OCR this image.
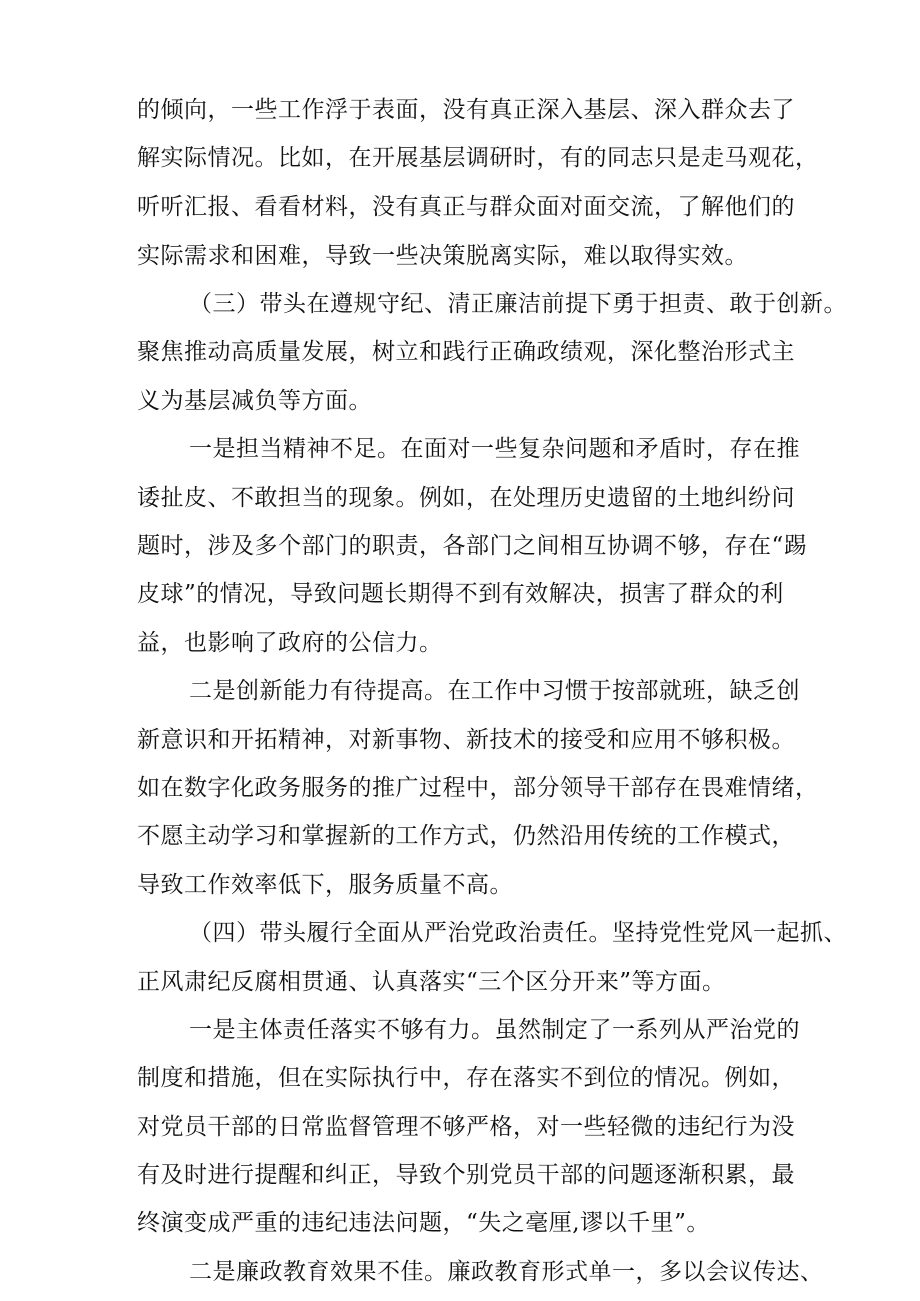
的倾向，一些工作浮于表面，没有真正深入基层、深入群众去了
解实际情况。比如，在开展基层调研时，有的同志只是走马观花，
听听汇报、看看材料，没有真正与群众面对面交流，了解他们的
实际需求和困难，导致一些决策脱离实际，难以取得实效。
（三）带头在遵规守纪、清正廉洁前提下勇于担责、敢于创新。
聚焦推动高质量发展，树立和践行正确政绩观，深化整治形式主
义为基层减负等方面。
一是担当精神不足。在面对一些复杂问题和矛盾时，存在推
诿扯皮、不敢担当的现象。例如，在处理历史遗留的土地纠纷问
题时，涉及多个部门的职责，各部门之间相互协调不够，存在“踢
皮球”的情况，导致问题长期得不到有效解决，损害了群众的利
益，也影响了政府的公信力。
二是创新能力有待提高。在工作中习惯于按部就班，缺乏创
新意识和开拓精神，对新事物、新技术的接受和应用不够积极。
如在数字化政务服务的推广过程中，部分领导干部存在畏难情绪，
不愿主动学习和掌握新的工作方式，仍然沿用传统的工作模式，
导致工作效率低下，服务质量不高。
（四）带头履行全面从严治党政治责任。坚持党性党风一起抓、
正风肃纪反腐相贯通、认真落实“三个区分开来”等方面。
一是主体责任落实不够有力。虽然制定了一系列从严治党的
制度和措施，但在实际执行中，存在落实不到位的情况。例如，
对党员干部的日常监督管理不够严格，对一些轻微的违纪行为没
有及时进行提醒和纠正，导致个别党员干部的问题逐渐积累，最
终演变成严重的违纪违法问题，“失之毫厘,谬以千里”。
二是廉政教育效果不佳。廉政教育形式单一，多以会议传达、
